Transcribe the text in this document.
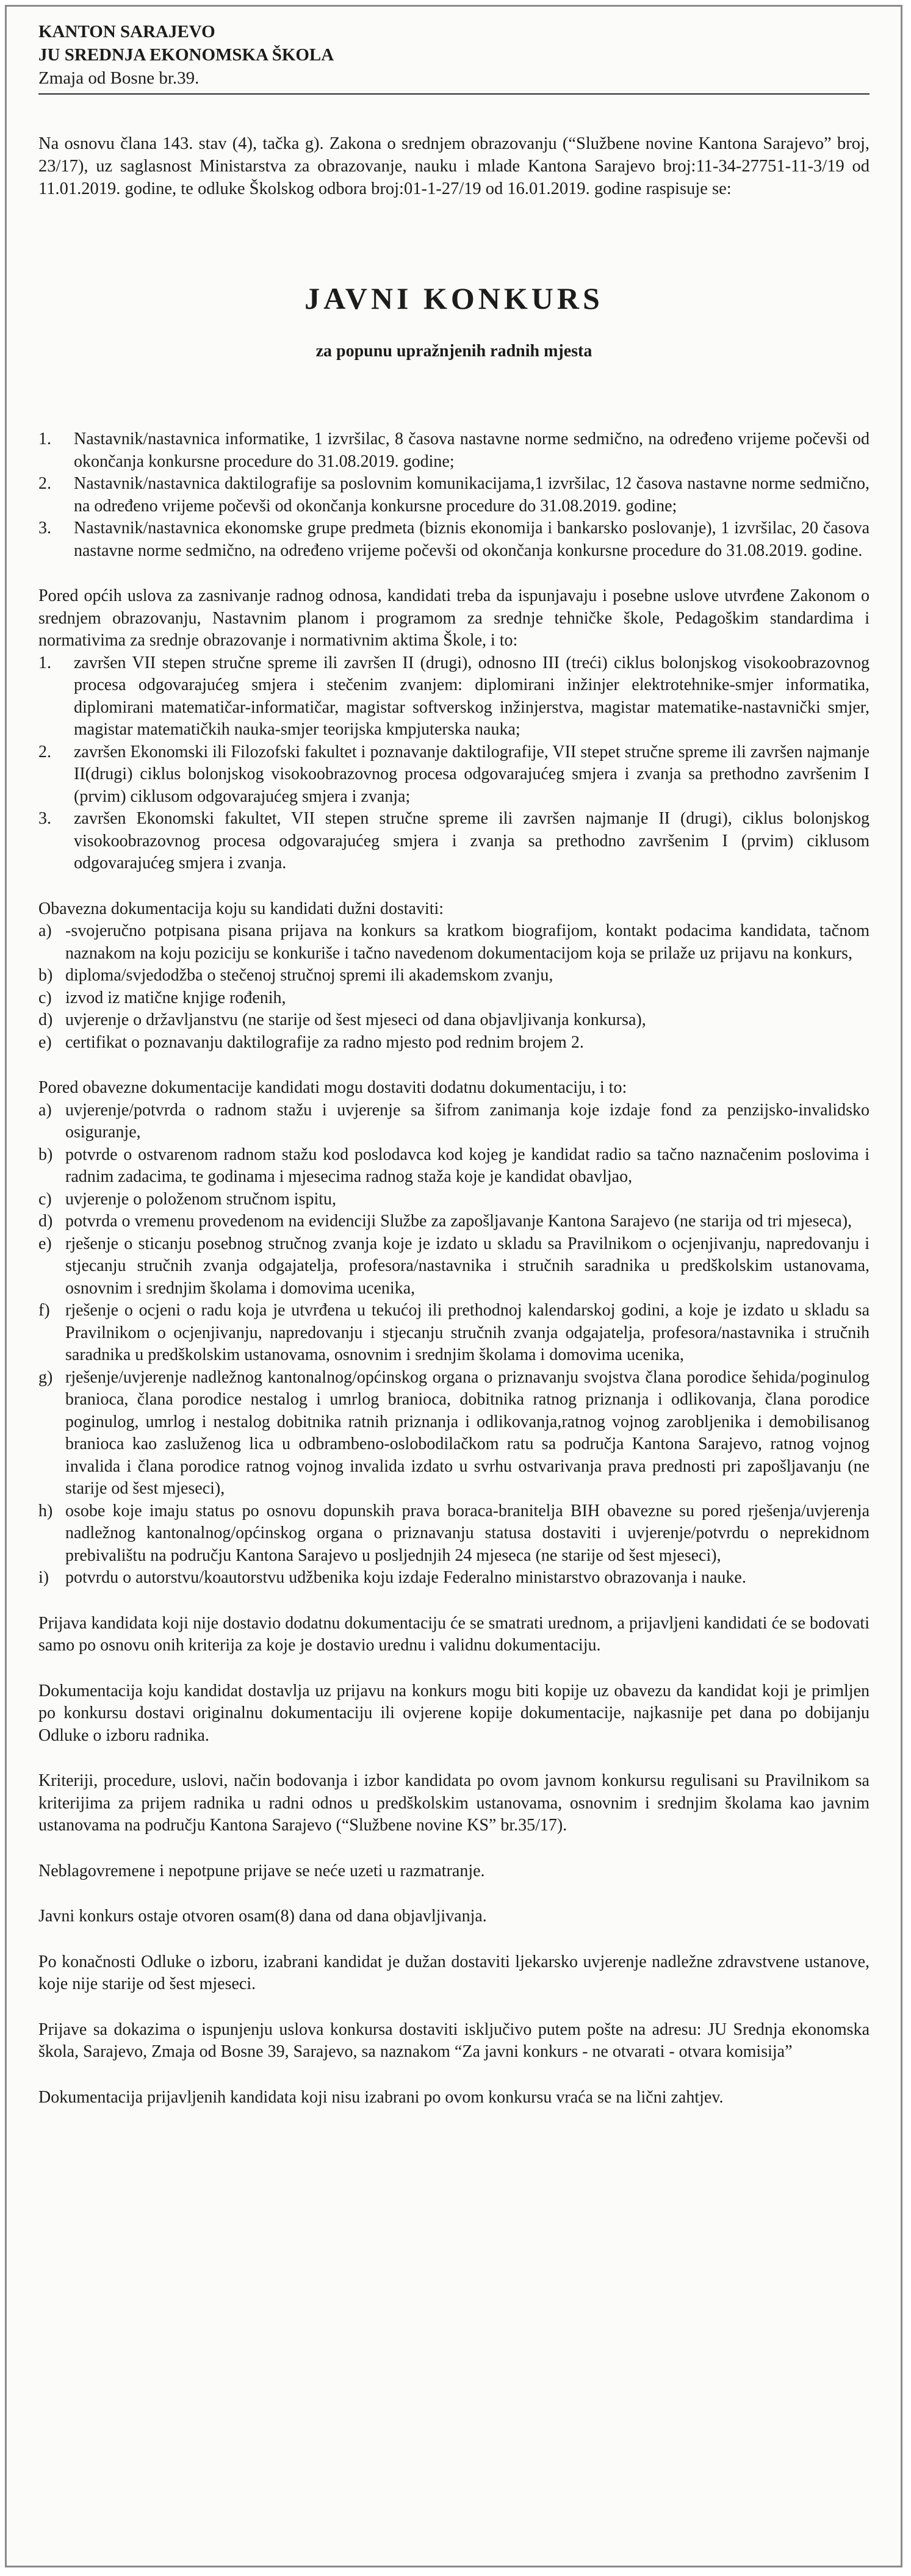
KANTON SARAJEVO
JU SREDNJA EKONOMSKA ŠKOLA
Zmaja od Bosne br.39.
Na osnovu člana 143. stav (4), tačka g). Zakona o srednjem obrazovanju (“Službene novine Kantona Sarajevo” broj, 23/17), uz saglasnost Ministarstva za obrazovanje, nauku i mlade Kantona Sarajevo broj:11-34-27751-11-3/19 od 11.01.2019. godine, te odluke Školskog odbora broj:01-1-27/19 od 16.01.2019. godine raspisuje se:
JAVNI KONKURS
za popunu upražnjenih radnih mjesta
1.	Nastavnik/nastavnica informatike, 1 izvršilac, 8 časova nastavne norme sedmično, na određeno vrijeme počevši od okončanja konkursne procedure do 31.08.2019. godine;
2.	Nastavnik/nastavnica daktilografije sa poslovnim komunikacijama,1 izvršilac, 12 časova nastavne norme sedmično, na određeno vrijeme počevši od okončanja konkursne procedure do 31.08.2019. godine;
3.	Nastavnik/nastavnica ekonomske grupe predmeta (biznis ekonomija i bankarsko poslovanje), 1 izvršilac, 20 časova nastavne norme sedmično, na određeno vrijeme počevši od okončanja konkursne procedure do 31.08.2019. godine.
Pored općih uslova za zasnivanje radnog odnosa, kandidati treba da ispunjavaju i posebne uslove utvrđene Zakonom o srednjem obrazovanju, Nastavnim planom i programom za srednje tehničke škole, Pedagoškim standardima i normativima za srednje obrazovanje i normativnim aktima Škole, i to:
1.	završen VII stepen stručne spreme ili završen II (drugi), odnosno III (treći) ciklus bolonjskog visokoobrazovnog procesa odgovarajućeg smjera i stečenim zvanjem: diplomirani inžinjer elektrotehnike-smjer informatika, diplomirani matematičar-informatičar, magistar softverskog inžinjerstva, magistar matematike-nastavnički smjer, magistar matematičkih nauka-smjer teorijska kmpjuterska nauka;
2.	završen Ekonomski ili Filozofski fakultet i poznavanje daktilografije, VII stepet stručne spreme ili završen najmanje II(drugi) ciklus bolonjskog visokoobrazovnog procesa odgovarajućeg smjera i zvanja sa prethodno završenim I (prvim) ciklusom odgovarajućeg smjera i zvanja;
3.	završen Ekonomski fakultet, VII stepen stručne spreme ili završen najmanje II (drugi), ciklus bolonjskog visokoobrazovnog procesa odgovarajućeg smjera i zvanja sa prethodno završenim I (prvim) ciklusom odgovarajućeg smjera i zvanja.
Obavezna dokumentacija koju su kandidati dužni dostaviti:
a) -svojeručno potpisana pisana prijava na konkurs sa kratkom biografijom, kontakt podacima kandidata, tačnom naznakom na koju poziciju se konkuriše i tačno navedenom dokumentacijom koja se prilaže uz prijavu na konkurs,
b) diploma/svjedodžba o stečenoj stručnoj spremi ili akademskom zvanju,
c) izvod iz matične knjige rođenih,
d) uvjerenje o državljanstvu (ne starije od šest mjeseci od dana objavljivanja konkursa),
e) certifikat o poznavanju daktilografije za radno mjesto pod rednim brojem 2.
Pored obavezne dokumentacije kandidati mogu dostaviti dodatnu dokumentaciju, i to:
a) uvjerenje/potvrda o radnom stažu i uvjerenje sa šifrom zanimanja koje izdaje fond za penzijsko-invalidsko osiguranje,
b) potvrde o ostvarenom radnom stažu kod poslodavca kod kojeg je kandidat radio sa tačno naznačenim poslovima i radnim zadacima, te godinama i mjesecima radnog staža koje je kandidat obavljao,
c) uvjerenje o položenom stručnom ispitu,
d) potvrda o vremenu provedenom na evidenciji Službe za zapošljavanje Kantona Sarajevo (ne starija od tri mjeseca),
e) rješenje o sticanju posebnog stručnog zvanja koje je izdato u skladu sa Pravilnikom o ocjenjivanju, napredovanju i stjecanju stručnih zvanja odgajatelja, profesora/nastavnika i stručnih saradnika u predškolskim ustanovama, osnovnim i srednjim školama i domovima ucenika,
f) rješenje o ocjeni o radu koja je utvrđena u tekućoj ili prethodnoj kalendarskoj godini, a koje je izdato u skladu sa Pravilnikom o ocjenjivanju, napredovanju i stjecanju stručnih zvanja odgajatelja, profesora/nastavnika i stručnih saradnika u predškolskim ustanovama, osnovnim i srednjim školama i domovima ucenika,
g) rješenje/uvjerenje nadležnog kantonalnog/općinskog organa o priznavanju svojstva člana porodice šehida/poginulog branioca, člana porodice nestalog i umrlog branioca, dobitnika ratnog priznanja i odlikovanja, člana porodice poginulog, umrlog i nestalog dobitnika ratnih priznanja i odlikovanja,ratnog vojnog zarobljenika i demobilisanog branioca kao zasluženog lica u odbrambeno-oslobodilačkom ratu sa područja Kantona Sarajevo, ratnog vojnog invalida i člana porodice ratnog vojnog invalida izdato u svrhu ostvarivanja prava prednosti pri zapošljavanju (ne starije od šest mjeseci),
h) osobe koje imaju status po osnovu dopunskih prava boraca-branitelja BIH obavezne su pored rješenja/uvjerenja nadležnog kantonalnog/općinskog organa o priznavanju statusa dostaviti i uvjerenje/potvrdu o neprekidnom prebivalištu na području Kantona Sarajevo u posljednjih 24 mjeseca (ne starije od šest mjeseci),
i) potvrdu o autorstvu/koautorstvu udžbenika koju izdaje Federalno ministarstvo obrazovanja i nauke.
Prijava kandidata koji nije dostavio dodatnu dokumentaciju će se smatrati urednom, a prijavljeni kandidati će se bodovati samo po osnovu onih kriterija za koje je dostavio urednu i validnu dokumentaciju.
Dokumentacija koju kandidat dostavlja uz prijavu na konkurs mogu biti kopije uz obavezu da kandidat koji je primljen po konkursu dostavi originalnu dokumentaciju ili ovjerene kopije dokumentacije, najkasnije pet dana po dobijanju Odluke o izboru radnika.
Kriteriji, procedure, uslovi, način bodovanja i izbor kandidata po ovom javnom konkursu regulisani su Pravilnikom sa kriterijima za prijem radnika u radni odnos u predškolskim ustanovama, osnovnim i srednjim školama kao javnim ustanovama na području Kantona Sarajevo (“Službene novine KS” br.35/17).
Neblagovremene i nepotpune prijave se neće uzeti u razmatranje.
Javni konkurs ostaje otvoren osam(8) dana od dana objavljivanja.
Po konačnosti Odluke o izboru, izabrani kandidat je dužan dostaviti ljekarsko uvjerenje nadležne zdravstvene ustanove, koje nije starije od šest mjeseci.
Prijave sa dokazima o ispunjenju uslova konkursa dostaviti isključivo putem pošte na adresu: JU Srednja ekonomska škola, Sarajevo, Zmaja od Bosne 39, Sarajevo, sa naznakom “Za javni konkurs - ne otvarati - otvara komisija”
Dokumentacija prijavljenih kandidata koji nisu izabrani po ovom konkursu vraća se na lični zahtjev.
